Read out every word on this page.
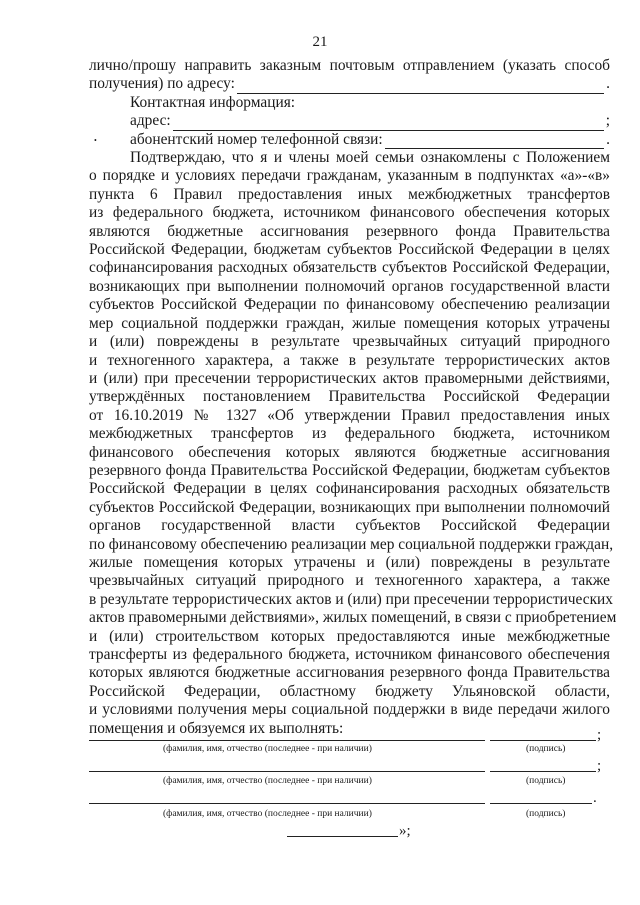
21
•
лично/прошу направить заказным почтовым отправлением (указать способ
получения) по адресу:	.
Контактная информация:
адрес:	;
абонентский номер телефонной связи:	.
Подтверждаю, что я и члены моей семьи ознакомлены с Положением
о порядке и условиях передачи гражданам, указанным в подпунктах «а»-«в»
пункта 6 Правил предоставления иных межбюджетных трансфертов
из федерального бюджета, источником финансового обеспечения которых
являются бюджетные ассигнования резервного фонда Правительства
Российской Федерации, бюджетам субъектов Российской Федерации в целях
софинансирования расходных обязательств субъектов Российской Федерации,
возникающих при выполнении полномочий органов государственной власти
субъектов Российской Федерации по финансовому обеспечению реализации
мер социальной поддержки граждан, жилые помещения которых утрачены
и (или) повреждены в результате чрезвычайных ситуаций природного
и техногенного характера, а также в результате террористических актов
и (или) при пресечении террористических актов правомерными действиями,
утверждённых постановлением Правительства Российской Федерации
от 16.10.2019 № 1327 «Об утверждении Правил предоставления иных
межбюджетных трансфертов из федерального бюджета, источником
финансового обеспечения которых являются бюджетные ассигнования
резервного фонда Правительства Российской Федерации, бюджетам субъектов
Российской Федерации в целях софинансирования расходных обязательств
субъектов Российской Федерации, возникающих при выполнении полномочий
органов государственной власти субъектов Российской Федерации
по финансовому обеспечению реализации мер социальной поддержки граждан,
жилые помещения которых утрачены и (или) повреждены в результате
чрезвычайных ситуаций природного и техногенного характера, а также
в результате террористических актов и (или) при пресечении террористических
актов правомерными действиями», жилых помещений, в связи с приобретением
и (или) строительством которых предоставляются иные межбюджетные
трансферты из федерального бюджета, источником финансового обеспечения
которых являются бюджетные ассигнования резервного фонда Правительства
Российской Федерации, областному бюджету Ульяновской области,
и условиями получения меры социальной поддержки в виде передачи жилого
помещения и обязуемся их выполнять:	;
(фамилия, имя, отчество (последнее - при наличии)	(подпись)
;
(фамилия, имя, отчество (последнее - при наличии)	(подпись)
.
(фамилия, имя, отчество (последнее - при наличии)	(подпись)
»;
